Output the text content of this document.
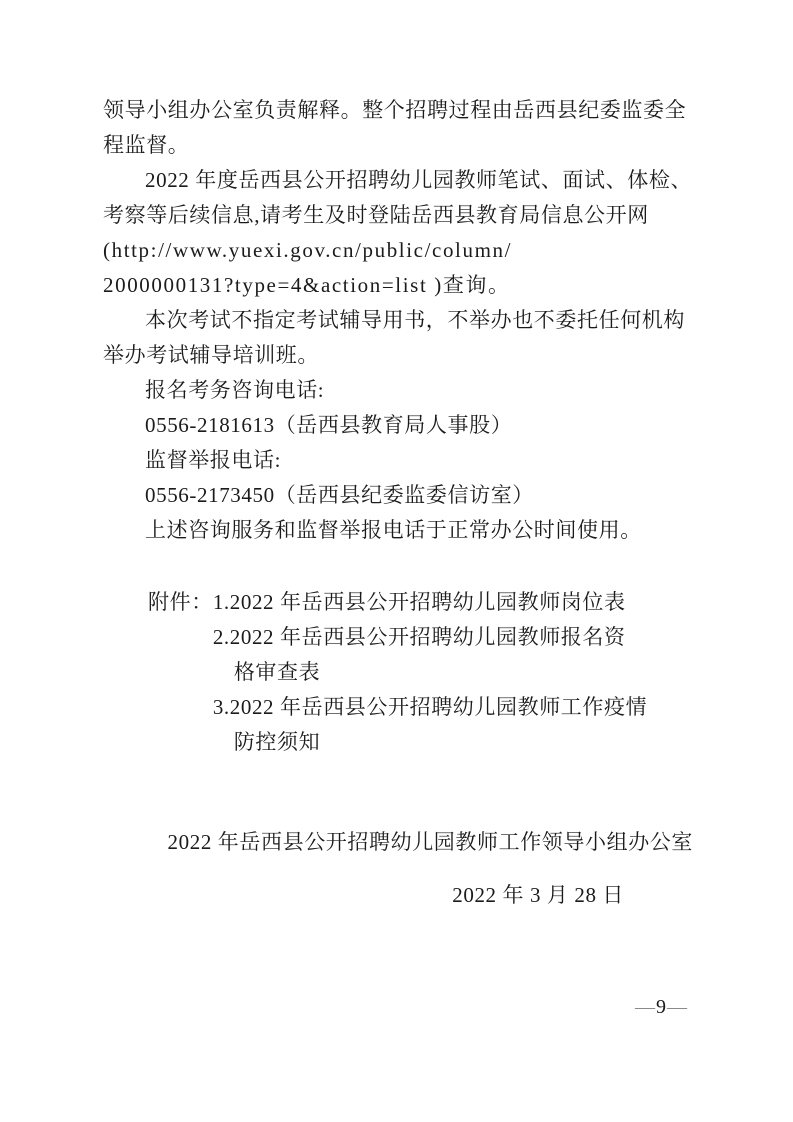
领导小组办公室负责解释。整个招聘过程由岳西县纪委监委全
程监督。
2022 年度岳西县公开招聘幼儿园教师笔试、面试、体检、
考察等后续信息,请考生及时登陆岳西县教育局信息公开网
(http://www.yuexi.gov.cn/public/column/
2000000131?type=4&action=list )查询。
本次考试不指定考试辅导用书，不举办也不委托任何机构
举办考试辅导培训班。
报名考务咨询电话:
0556-2181613（岳西县教育局人事股）
监督举报电话:
0556-2173450（岳西县纪委监委信访室）
上述咨询服务和监督举报电话于正常办公时间使用。
附件： 1.2022 年岳西县公开招聘幼儿园教师岗位表
2.2022 年岳西县公开招聘幼儿园教师报名资
格审查表
3.2022 年岳西县公开招聘幼儿园教师工作疫情
防控须知
2022 年岳西县公开招聘幼儿园教师工作领导小组办公室
2022 年 3 月 28 日
—9—
